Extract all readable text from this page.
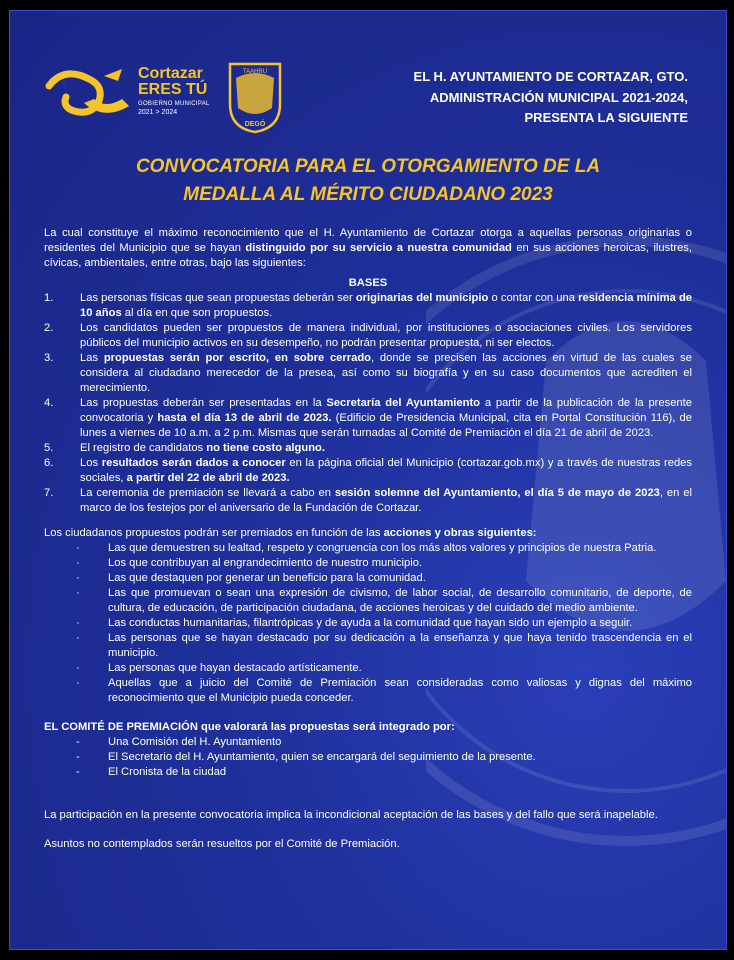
Cortazar
ERES TÚ
GOBIERNO MUNICIPAL
2021 > 2024
TAAHRU
DEGÓ
EL H. AYUNTAMIENTO DE CORTAZAR, GTO.
ADMINISTRACIÓN MUNICIPAL 2021-2024,
PRESENTA LA SIGUIENTE
CONVOCATORIA PARA EL OTORGAMIENTO DE LA
MEDALLA AL MÉRITO CIUDADANO 2023

La cual constituye el máximo reconocimiento que el H. Ayuntamiento de Cortazar otorga a aquellas personas originarias o residentes del Municipio que se hayan distinguido por su servicio a nuestra comunidad en sus acciones heroicas, ilustres, cívicas, ambientales, entre otras, bajo las siguientes:

BASES
1.	Las personas físicas que sean propuestas deberán ser originarias del municipio o contar con una residencia mínima de 10 años al día en que son propuestos.
2.	Los candidatos pueden ser propuestos de manera individual, por instituciones o asociaciones civiles. Los servidores públicos del municipio activos en su desempeño, no podrán presentar propuesta, ni ser electos.
3.	Las propuestas serán por escrito, en sobre cerrado, donde se precisen las acciones en virtud de las cuales se considera al ciudadano merecedor de la presea, así como su biografía y en su caso documentos que acrediten el merecimiento.
4.	Las propuestas deberán ser presentadas en la Secretaría del Ayuntamiento a partir de la publicación de la presente convocatoria y hasta el día 13 de abril de 2023. (Edificio de Presidencia Municipal, cita en Portal Constitución 116), de lunes a viernes de 10 a.m. a 2 p.m. Mismas que serán turnadas al Comité de Premiación el día 21 de abril de 2023.
5.	El registro de candidatos no tiene costo alguno.
6.	Los resultados serán dados a conocer en la página oficial del Municipio (cortazar.gob.mx) y a través de nuestras redes sociales, a partir del 22 de abril de 2023.
7.	La ceremonia de premiación se llevará a cabo en sesión solemne del Ayuntamiento, el día 5 de mayo de 2023, en el marco de los festejos por el aniversario de la Fundación de Cortazar.

Los ciudadanos propuestos podrán ser premiados en función de las acciones y obras siguientes:

·	Las que demuestren su lealtad, respeto y congruencia con los más altos valores y principios de nuestra Patria.
·	Los que contribuyan al engrandecimiento de nuestro municipio.
·	Las que destaquen por generar un beneficio para la comunidad.
·	Las que promuevan o sean una expresión de civismo, de labor social, de desarrollo comunitario, de deporte, de cultura, de educación, de participación ciudadana, de acciones heroicas y del cuidado del medio ambiente.
·	Las conductas humanitarias, filantrópicas y de ayuda a la comunidad que hayan sido un ejemplo a seguir.
·	Las personas que se hayan destacado por su dedicación a la enseñanza y que haya tenido trascendencia en el municipio.
·	Las personas que hayan destacado artísticamente.
·	Aquellas que a juicio del Comité de Premiación sean consideradas como valiosas y dignas del máximo reconocimiento que el Municipio pueda conceder.

EL COMITÉ DE PREMIACIÓN que valorará las propuestas será integrado por:

-	Una Comisión del H. Ayuntamiento
-	El Secretario del H. Ayuntamiento, quien se encargará del seguimiento de la presente.
-	El Cronista de la ciudad

La participación en la presente convocatoria implica la incondicional aceptación de las bases y del fallo que será inapelable.

Asuntos no contemplados serán resueltos por el Comité de Premiación.
